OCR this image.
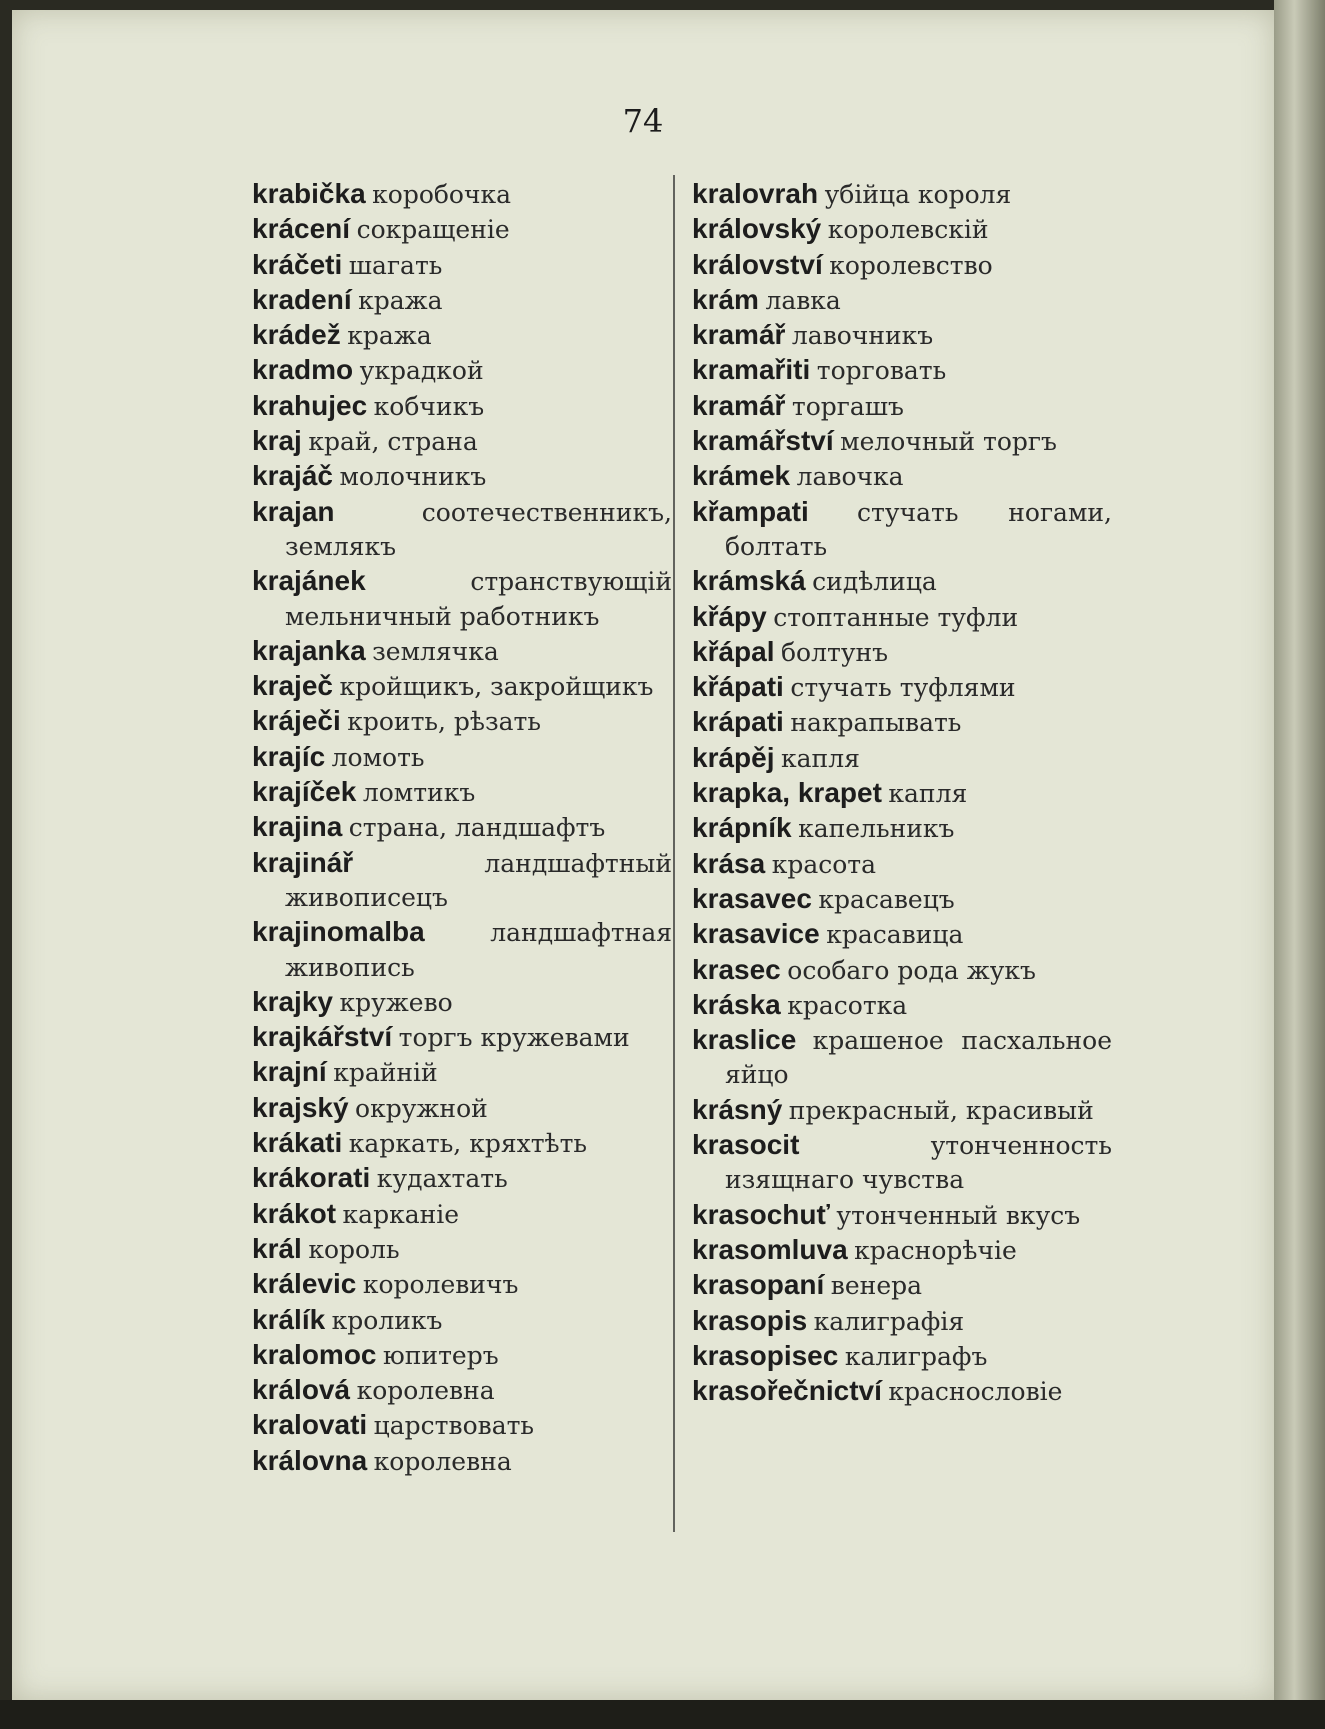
74
krabička коробочка
krácení сокращеніе
kráčeti шагать
kradení кража
krádež кража
kradmo украдкой
krahujec кобчикъ
kraj край, страна
krajáč молочникъ
krajan	соотечественникъ, землякъ
krajánek	странствующій мельничный работникъ
krajanka землячка
kraječ кройщикъ, закройщикъ
kráječi кроить, рѣзать
krajíc ломоть
krajíček ломтикъ
krajina страна, ландшафтъ
krajinář	ландшафтный живописецъ
krajinomalba	ландшафтная живопись
krajky кружево
krajkářství торгъ кружевами
krajní крайній
krajský окружной
krákati каркать, кряхтѣть
krákorati кудахтать
krákot карканіе
král король
králevic королевичъ
králík кроликъ
kralomoc юпитеръ
králová королевна
kralovati царствовать
královna королевна
kralovrah убійца короля
královský королевскій
království королевство
krám лавка
kramář лавочникъ
kramařiti торговать
kramář торгашъ
kramářství мелочный торгъ
krámek лавочка
křampati стучать ногами, болтать
krámská сидѣлица
křápy стоптанные туфли
křápal болтунъ
křápati стучать туфлями
krápati накрапывать
krápěj капля
krapka, krapet капля
krápník капельникъ
krása красота
krasavec красавецъ
krasavice красавица
krasec особаго рода жукъ
kráska красотка
kraslice крашеное пасхальное яйцо
krásný прекрасный, красивый
krasocit	утонченность изящнаго чувства
krasochuť утонченный вкусъ
krasomluva краснорѣчіе
krasopaní венера
krasopis калиграфія
krasopisec калиграфъ
krasořečnictví краснословіе
